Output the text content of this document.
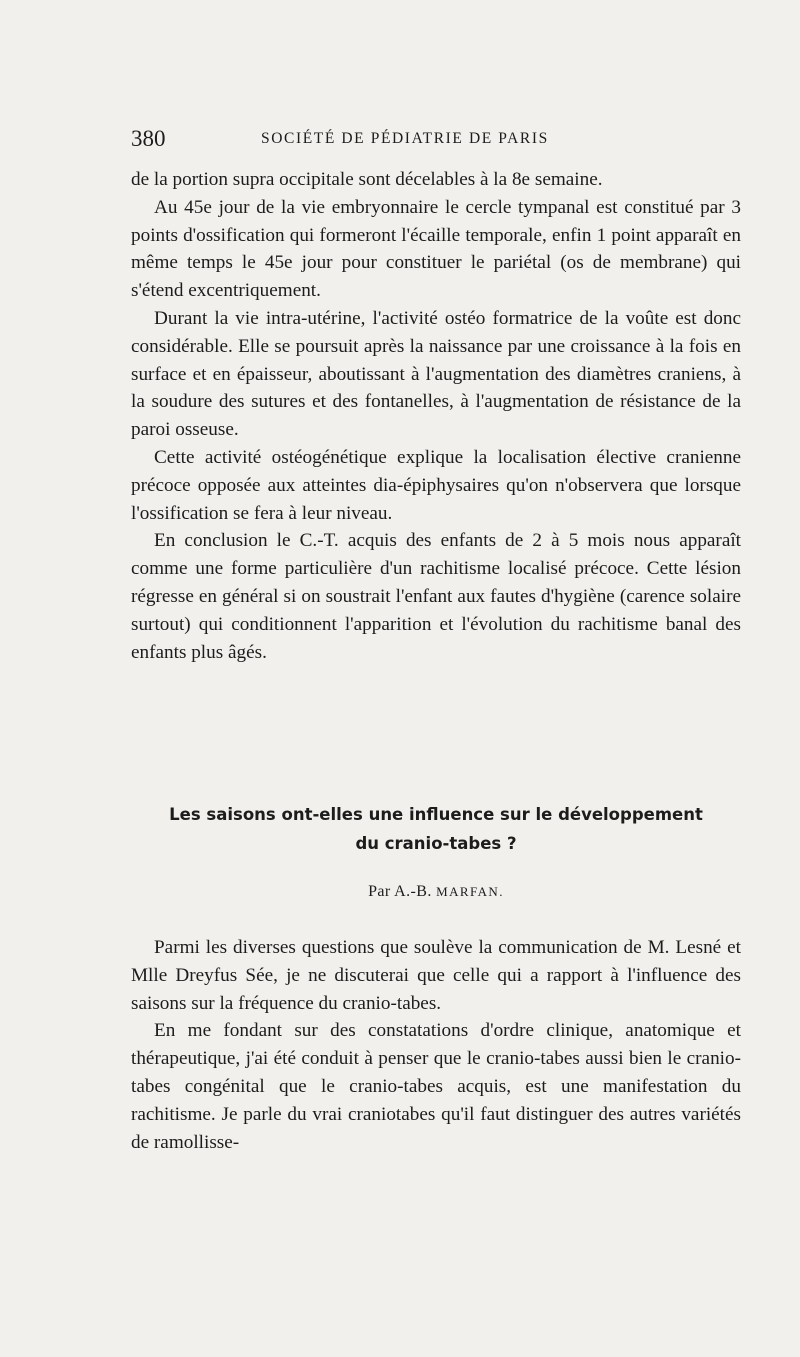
380	SOCIÉTÉ DE PÉDIATRIE DE PARIS

de la portion supra occipitale sont décelables à la 8e semaine.

Au 45e jour de la vie embryonnaire le cercle tympanal est constitué par 3 points d'ossification qui formeront l'écaille temporale, enfin 1 point apparaît en même temps le 45e jour pour constituer le pariétal (os de membrane) qui s'étend excentriquement.

Durant la vie intra-utérine, l'activité ostéo formatrice de la voûte est donc considérable. Elle se poursuit après la naissance par une croissance à la fois en surface et en épaisseur, aboutissant à l'augmentation des diamètres craniens, à la soudure des sutures et des fontanelles, à l'augmentation de résistance de la paroi osseuse.

Cette activité ostéogénétique explique la localisation élective cranienne précoce opposée aux atteintes dia-épiphysaires qu'on n'observera que lorsque l'ossification se fera à leur niveau.

En conclusion le C.-T. acquis des enfants de 2 à 5 mois nous apparaît comme une forme particulière d'un rachitisme localisé précoce. Cette lésion régresse en général si on soustrait l'enfant aux fautes d'hygiène (carence solaire surtout) qui conditionnent l'apparition et l'évolution du rachitisme banal des enfants plus âgés.

Les saisons ont-elles une influence sur le développement
du cranio-tabes ?
Par A.-B. MARFAN.

Parmi les diverses questions que soulève la communication de M. Lesné et Mlle Dreyfus Sée, je ne discuterai que celle qui a rapport à l'influence des saisons sur la fréquence du cranio-tabes.

En me fondant sur des constatations d'ordre clinique, anatomique et thérapeutique, j'ai été conduit à penser que le cranio-tabes aussi bien le cranio-tabes congénital que le cranio-tabes acquis, est une manifestation du rachitisme. Je parle du vrai craniotabes qu'il faut distinguer des autres variétés de ramollisse-
